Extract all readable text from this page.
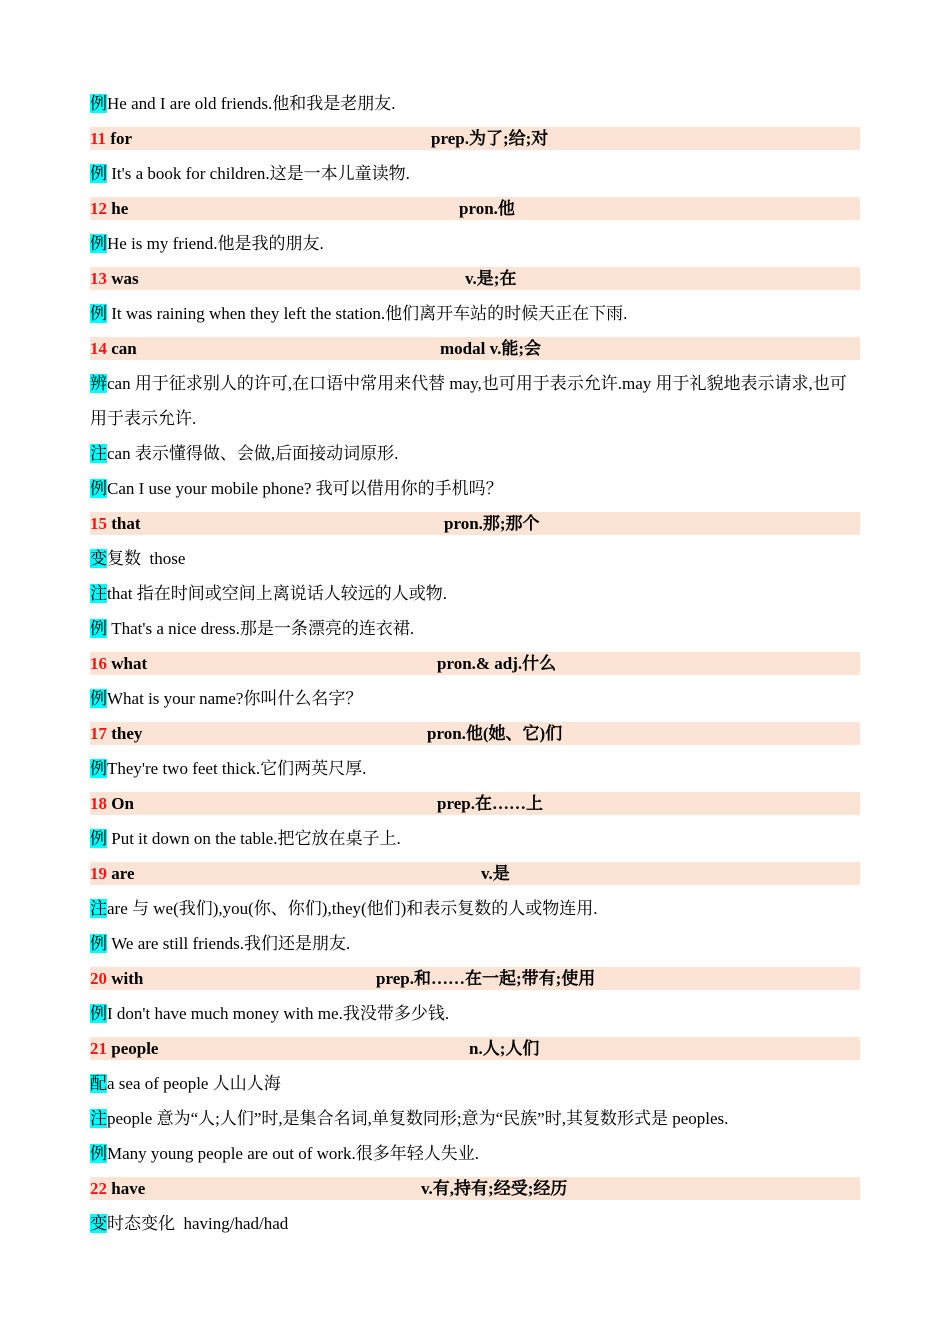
例He and I are old friends.他和我是老朋友.
11 for	prep.为了;给;对
例 It's a book for children.这是一本儿童读物.
12 he	pron.他
例He is my friend.他是我的朋友.
13 was	v.是;在
例 It was raining when they left the station.他们离开车站的时候天正在下雨.
14 can	modal v.能;会
辨can 用于征求别人的许可,在口语中常用来代替 may,也可用于表示允许.may 用于礼貌地表示请求,也可用于表示允许.
注can 表示懂得做、会做,后面接动词原形.
例Can I use your mobile phone? 我可以借用你的手机吗？
15 that	pron.那;那个
变复数  those
注that 指在时间或空间上离说话人较远的人或物.
例 That's a nice dress.那是一条漂亮的连衣裙.
16 what	pron.& adj.什么
例What is your name?你叫什么名字？
17 they	pron.他(她、它)们
例They're two feet thick.它们两英尺厚.
18 On	prep.在……上
例 Put it down on the table.把它放在桌子上.
19 are	v.是
注are 与 we(我们),you(你、你们),they(他们)和表示复数的人或物连用.
例 We are still friends.我们还是朋友.
20 with	prep.和……在一起;带有;使用
例I don't have much money with me.我没带多少钱.
21 people	n.人;人们
配a sea of people 人山人海
注people 意为“人;人们”时,是集合名词,单复数同形;意为“民族”时,其复数形式是 peoples.
例Many young people are out of work.很多年轻人失业.
22 have	v.有,持有;经受;经历
变时态变化  having/had/had
